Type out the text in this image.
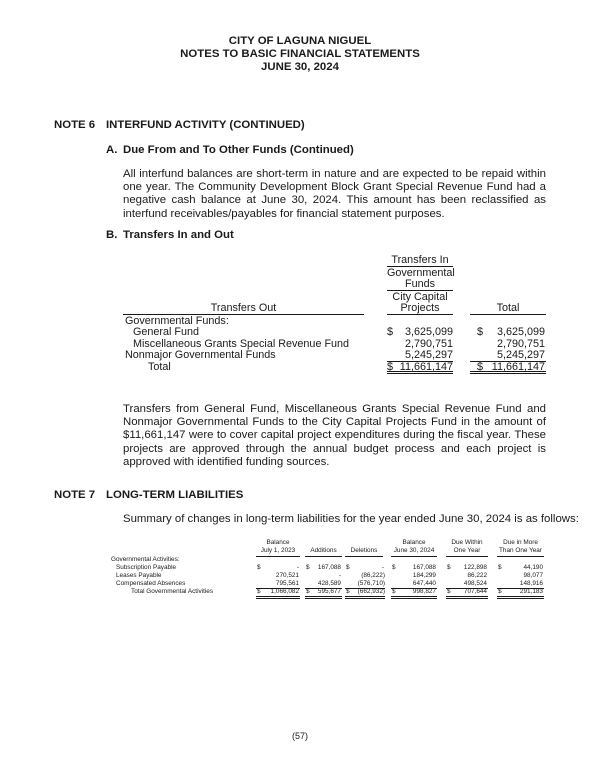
CITY OF LAGUNA NIGUEL
NOTES TO BASIC FINANCIAL STATEMENTS
JUNE 30, 2024
NOTE 6 INTERFUND ACTIVITY (CONTINUED)
A. Due From and To Other Funds (Continued)
All interfund balances are short-term in nature and are expected to be repaid within one year. The Community Development Block Grant Special Revenue Fund had a negative cash balance at June 30, 2024. This amount has been reclassified as interfund receivables/payables for financial statement purposes.
B. Transfers In and Out
Transfers In
Governmental
Funds
City Capital
Projects	Total
Transfers Out
Governmental Funds:
General Fund	$	3,625,099 $	3,625,099
Miscellaneous Grants Special Revenue Fund	2,790,751	2,790,751
Nonmajor Governmental Funds	5,245,297	5,245,297
Total	$ 11,661,147 $ 11,661,147
Transfers from General Fund, Miscellaneous Grants Special Revenue Fund and Nonmajor Governmental Funds to the City Capital Projects Fund in the amount of $11,661,147 were to cover capital project expenditures during the fiscal year. These projects are approved through the annual budget process and each project is approved with identified funding sources.
NOTE 7 LONG-TERM LIABILITIES
Summary of changes in long-term liabilities for the year ended June 30, 2024 is as follows:
Balance
July 1, 2023	Additions	Deletions
Balance
June 30, 2024
Due Within
One Year
Due in More
Than One Year
Governmental Activities:
Subscription Payable	$	- $	167,088 $	- $	167,088 $	122,898 $	44,190
Leases Payable	270,521	-	(86,222)	184,299	86,222	98,077
Compensated Absences	795,561	428,589	(576,710)	647,440	498,524	148,916
Total Governmental Activities	$	1,066,082 $	595,677 $	(662,932) $	998,827 $	707,644 $	291,183
(57)
